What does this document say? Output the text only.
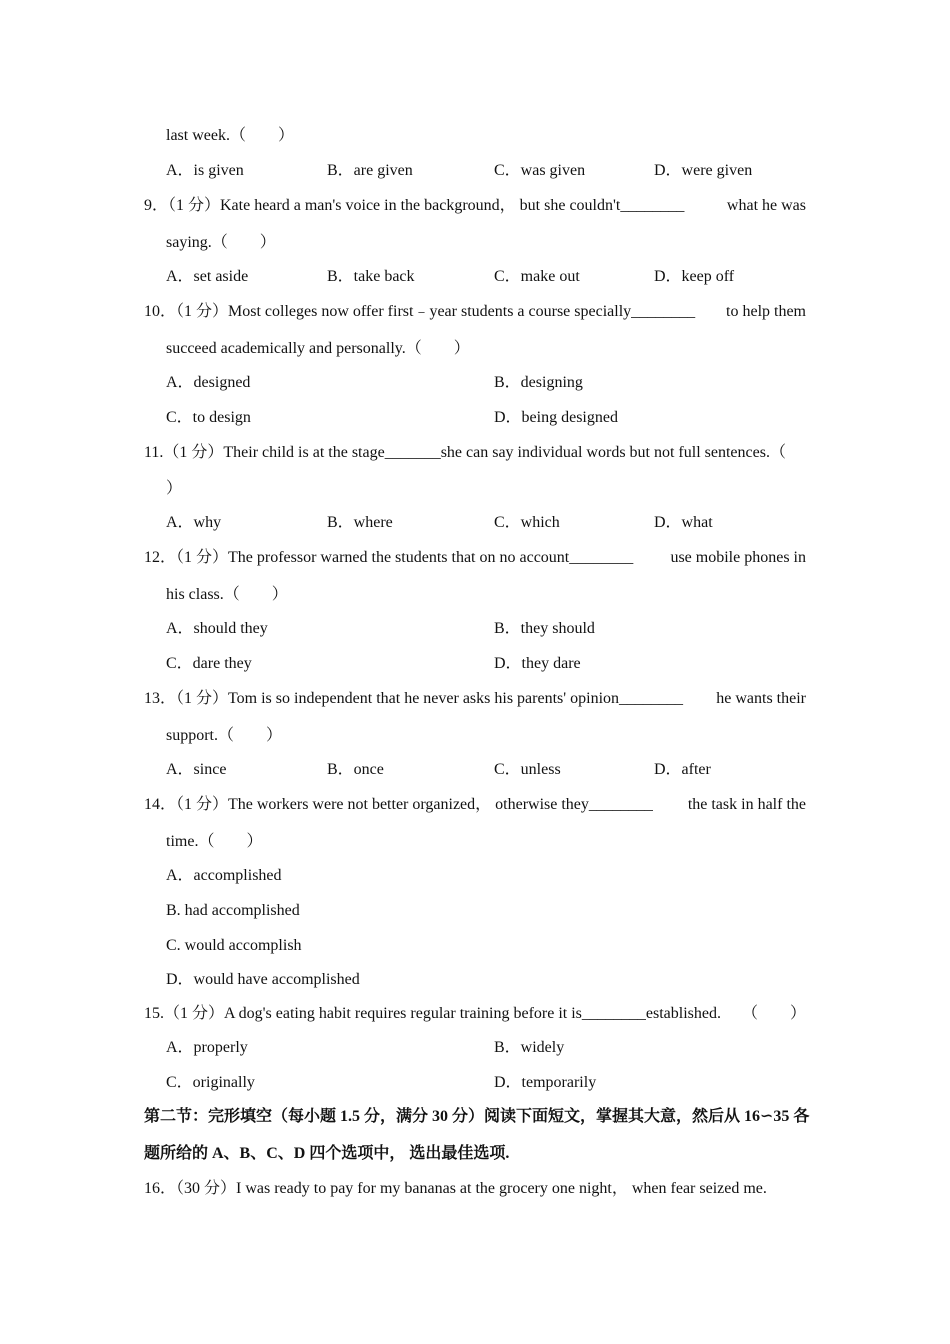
last week.（　　）
A．is given	B．are given	C．was given	D．were given
9．（1 分）Kate heard a man's voice in the background， but she couldn't________	what he was
saying.（　　）
A．set aside	B．take back	C．make out	D．keep off
10．（1 分）Most colleges now offer first﹣year students a course specially________ to help them
succeed academically and personally.（　　）
A．designed	B．designing
C．to design	D．being designed
11.（1 分）Their child is at the stage_______she can say individual words but not full sentences.（
）
A．why	B．where	C．which	D．what
12．（1 分）The professor warned the students that on no account________ use mobile phones in
his class.（　　）
A．should they	B．they should
C．dare they	D．they dare
13．（1 分）Tom is so independent that he never asks his parents' opinion________ he wants their
support.（　　）
A．since	B．once	C．unless	D．after
14．（1 分）The workers were not better organized， otherwise they________ the task in half the
time.（　　）
A．accomplished
B. had accomplished
C. would accomplish
D．would have accomplished
15.（1 分）A dog's eating habit requires regular training before it is________established. （　　）
A．properly	B．widely
C．originally	D．temporarily
第二节：完形填空（每小题 1.5 分，满分 30 分）阅读下面短文，掌握其大意，然后从 16∽35 各
题所给的 A、B、C、D 四个选项中， 选出最佳选项.
16．（30 分）I was ready to pay for my bananas at the grocery one night， when fear seized me.
